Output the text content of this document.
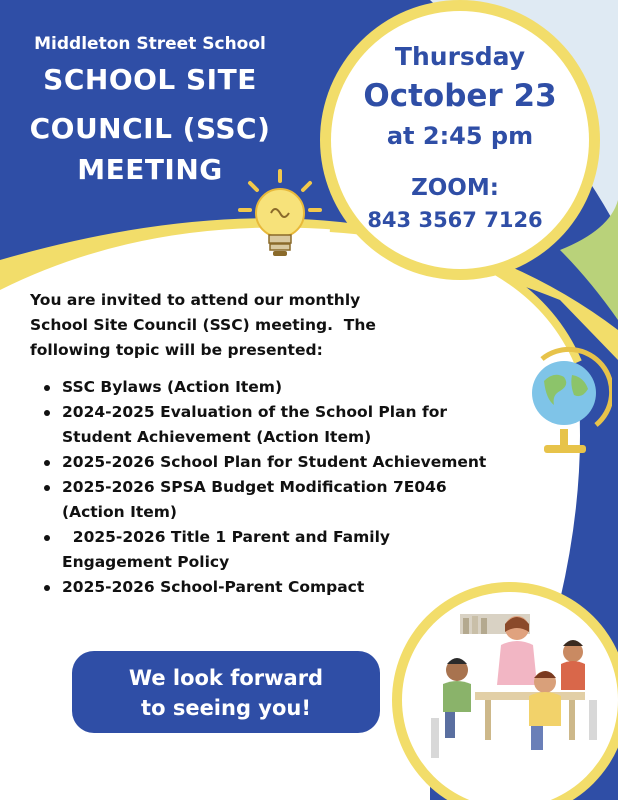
Middleton Street School
SCHOOL SITE
COUNCIL (SSC)
MEETING
Thursday
October 23
at 2:45 pm
ZOOM:
843 3567 7126
You are invited to attend our monthly
School Site Council (SSC) meeting.  The
following topic will be presented:
SSC Bylaws (Action Item)
2024-2025 Evaluation of the School Plan for
Student Achievement (Action Item)
2025-2026 School Plan for Student Achievement
2025-2026 SPSA Budget Modification 7E046
(Action Item)
2025-2026 Title 1 Parent and Family
Engagement Policy
2025-2026 School-Parent Compact
We look forward
to seeing you!
